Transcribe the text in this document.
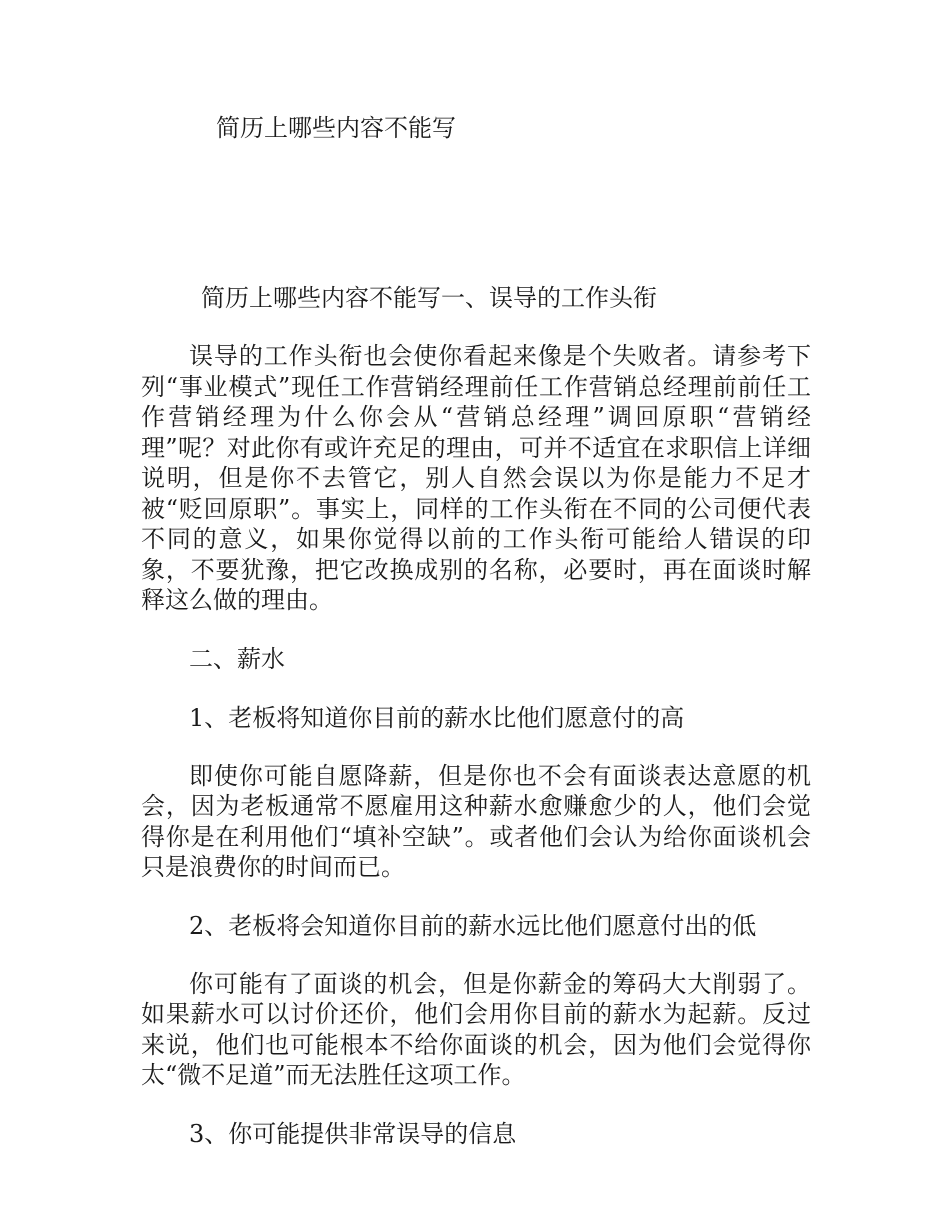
简历上哪些内容不能写
简历上哪些内容不能写一、误导的工作头衔

误导的工作头衔也会使你看起来像是个失败者。请参考下列“事业模式”现任工作营销经理前任工作营销总经理前前任工作营销经理为什么你会从“营销总经理”调回原职“营销经理”呢？对此你有或许充足的理由，可并不适宜在求职信上详细说明，但是你不去管它，别人自然会误以为你是能力不足才被“贬回原职”。事实上，同样的工作头衔在不同的公司便代表不同的意义，如果你觉得以前的工作头衔可能给人错误的印象，不要犹豫，把它改换成别的名称，必要时，再在面谈时解释这么做的理由。

二、薪水
1、老板将知道你目前的薪水比他们愿意付的高

即使你可能自愿降薪，但是你也不会有面谈表达意愿的机会，因为老板通常不愿雇用这种薪水愈赚愈少的人，他们会觉得你是在利用他们“填补空缺”。或者他们会认为给你面谈机会只是浪费你的时间而已。

2、老板将会知道你目前的薪水远比他们愿意付出的低

你可能有了面谈的机会，但是你薪金的筹码大大削弱了。如果薪水可以讨价还价，他们会用你目前的薪水为起薪。反过来说，他们也可能根本不给你面谈的机会，因为他们会觉得你太“微不足道”而无法胜任这项工作。

3、你可能提供非常误导的信息
